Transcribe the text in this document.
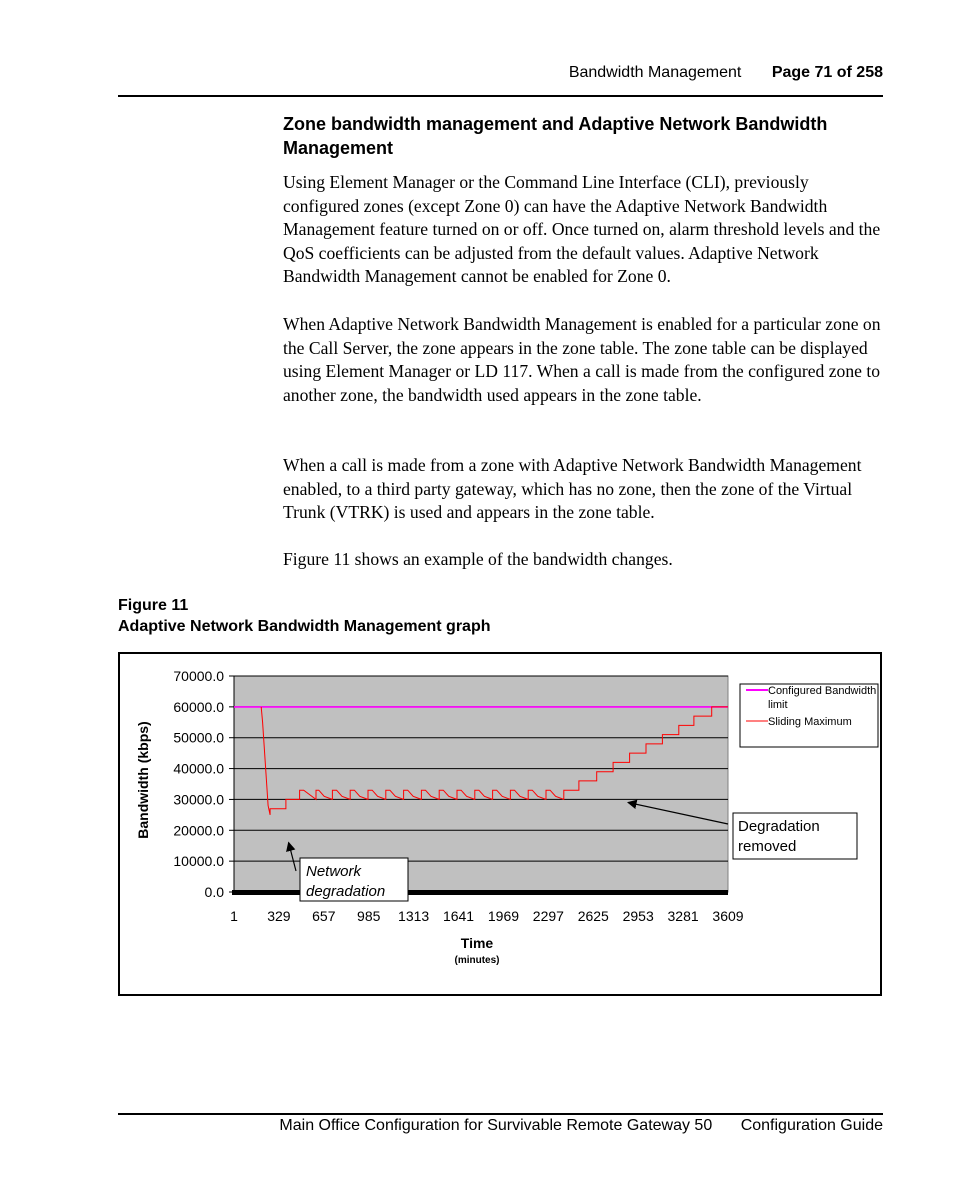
Bandwidth Management Page 71 of 258
Zone bandwidth management and Adaptive Network Bandwidth Management

Using Element Manager or the Command Line Interface (CLI), previously configured zones (except Zone 0) can have the Adaptive Network Bandwidth Management feature turned on or off. Once turned on, alarm threshold levels and the QoS coefficients can be adjusted from the default values. Adaptive Network Bandwidth Management cannot be enabled for Zone 0.

When Adaptive Network Bandwidth Management is enabled for a particular zone on the Call Server, the zone appears in the zone table. The zone table can be displayed using Element Manager or LD 117. When a call is made from the configured zone to another zone, the bandwidth used appears in the zone table.

When a call is made from a zone with Adaptive Network Bandwidth Management enabled, to a third party gateway, which has no zone, then the zone of the Virtual Trunk (VTRK) is used and appears in the zone table.

Figure 11 shows an example of the bandwidth changes.

Figure 11
Adaptive Network Bandwidth Management graph
70000.0
60000.0
50000.0
40000.0
30000.0
20000.0
10000.0
0.0
1 329 657 985 1313 1641 1969 2297 2625 2953 3281 3609
Time
(minutes)
Bandwidth (kbps)
Configured Bandwidth limit
Sliding Maximum
Network
degradation
Degradation
removed
Main Office Configuration for Survivable Remote Gateway 50 Configuration Guide
